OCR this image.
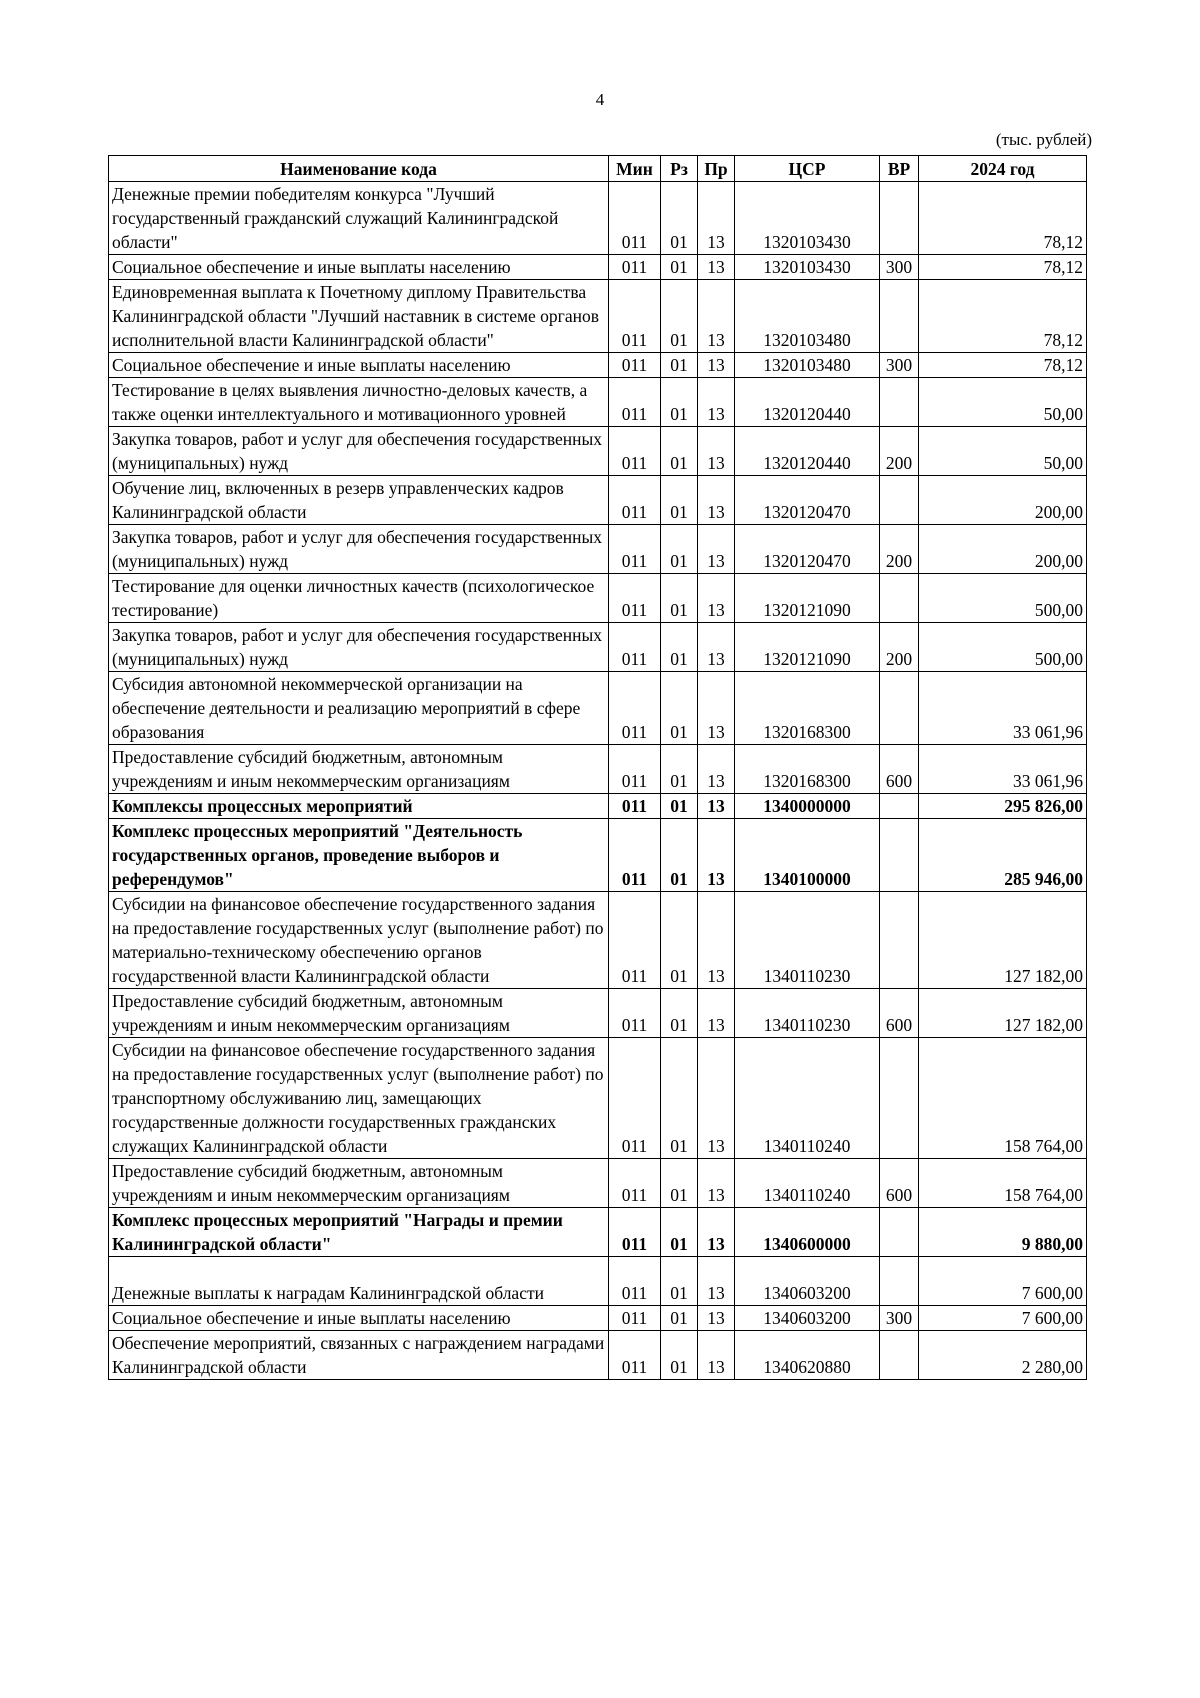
4
(тыс. рублей)
Наименование кода	Мин	Рз	Пр	ЦСР	ВР	2024 год
Денежные премии победителям конкурса "Лучший государственный гражданский служащий Калининградской области"	011	01	13	1320103430		78,12
Социальное обеспечение и иные выплаты населению	011	01	13	1320103430	300	78,12
Единовременная выплата к Почетному диплому Правительства Калининградской области "Лучший наставник в системе органов исполнительной власти Калининградской области"	011	01	13	1320103480		78,12
Социальное обеспечение и иные выплаты населению	011	01	13	1320103480	300	78,12
Тестирование в целях выявления личностно-деловых качеств, а также оценки интеллектуального и мотивационного уровней	011	01	13	1320120440		50,00
Закупка товаров, работ и услуг для обеспечения государственных (муниципальных) нужд	011	01	13	1320120440	200	50,00
Обучение лиц, включенных в резерв управленческих кадров Калининградской области	011	01	13	1320120470		200,00
Закупка товаров, работ и услуг для обеспечения государственных (муниципальных) нужд	011	01	13	1320120470	200	200,00
Тестирование для оценки личностных качеств (психологическое тестирование)	011	01	13	1320121090		500,00
Закупка товаров, работ и услуг для обеспечения государственных (муниципальных) нужд	011	01	13	1320121090	200	500,00
Субсидия автономной некоммерческой организации на обеспечение деятельности и реализацию мероприятий в сфере образования	011	01	13	1320168300		33 061,96
Предоставление субсидий бюджетным, автономным учреждениям и иным некоммерческим организациям	011	01	13	1320168300	600	33 061,96
Комплексы процессных мероприятий	011	01	13	1340000000		295 826,00
Комплекс процессных мероприятий "Деятельность государственных органов, проведение выборов и референдумов"	011	01	13	1340100000		285 946,00
Субсидии на финансовое обеспечение государственного задания на предоставление государственных услуг (выполнение работ) по материально-техническому обеспечению органов государственной власти Калининградской области	011	01	13	1340110230		127 182,00
Предоставление субсидий бюджетным, автономным учреждениям и иным некоммерческим организациям	011	01	13	1340110230	600	127 182,00
Субсидии на финансовое обеспечение государственного задания на предоставление государственных услуг (выполнение работ) по транспортному обслуживанию лиц, замещающих государственные должности государственных гражданских служащих Калининградской области	011	01	13	1340110240		158 764,00
Предоставление субсидий бюджетным, автономным учреждениям и иным некоммерческим организациям	011	01	13	1340110240	600	158 764,00
Комплекс процессных мероприятий "Награды и премии Калининградской области"	011	01	13	1340600000		9 880,00
Денежные выплаты к наградам Калининградской области	011	01	13	1340603200		7 600,00
Социальное обеспечение и иные выплаты населению	011	01	13	1340603200	300	7 600,00
Обеспечение мероприятий, связанных с награждением наградами Калининградской области	011	01	13	1340620880		2 280,00
